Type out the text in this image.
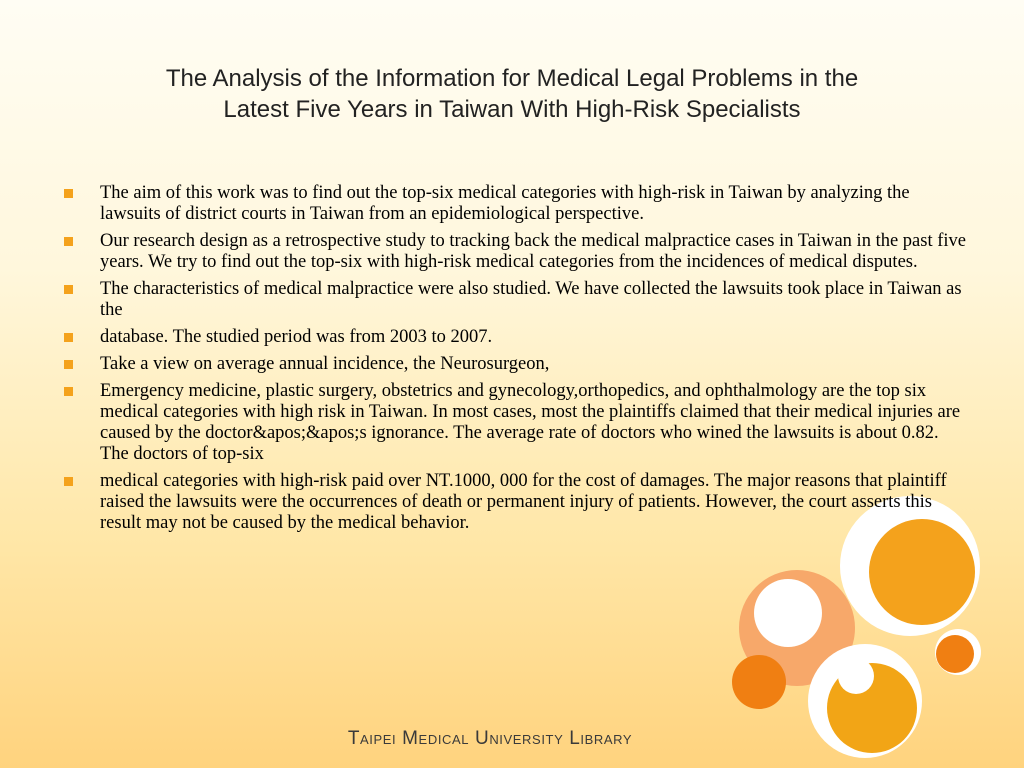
The Analysis of the Information for Medical Legal Problems in the
Latest Five Years in Taiwan With High-Risk Specialists
The aim of this work was to find out the top-six medical categories with high-risk in Taiwan by analyzing the lawsuits of district courts in Taiwan from an epidemiological perspective.
Our research design as a retrospective study to tracking back the medical malpractice cases in Taiwan in the past five years. We try to find out the top-six with high-risk medical categories from the incidences of medical disputes.
The characteristics of medical malpractice were also studied. We have collected the lawsuits took place in Taiwan as the
database. The studied period was from 2003 to 2007.
Take a view on average annual incidence, the Neurosurgeon,
Emergency medicine, plastic surgery, obstetrics and gynecology,orthopedics, and ophthalmology are the top six medical categories with high risk in Taiwan. In most cases, most the plaintiffs claimed that their medical injuries are caused by the doctor&apos;&apos;s ignorance. The average rate of doctors who wined the lawsuits is about 0.82. The doctors of top-six
medical categories with high-risk paid over NT.1000, 000 for the cost of damages. The major reasons that plaintiff raised the lawsuits were the occurrences of death or permanent injury of patients. However, the court asserts this result may not be caused by the medical behavior.
Taipei Medical University Library
